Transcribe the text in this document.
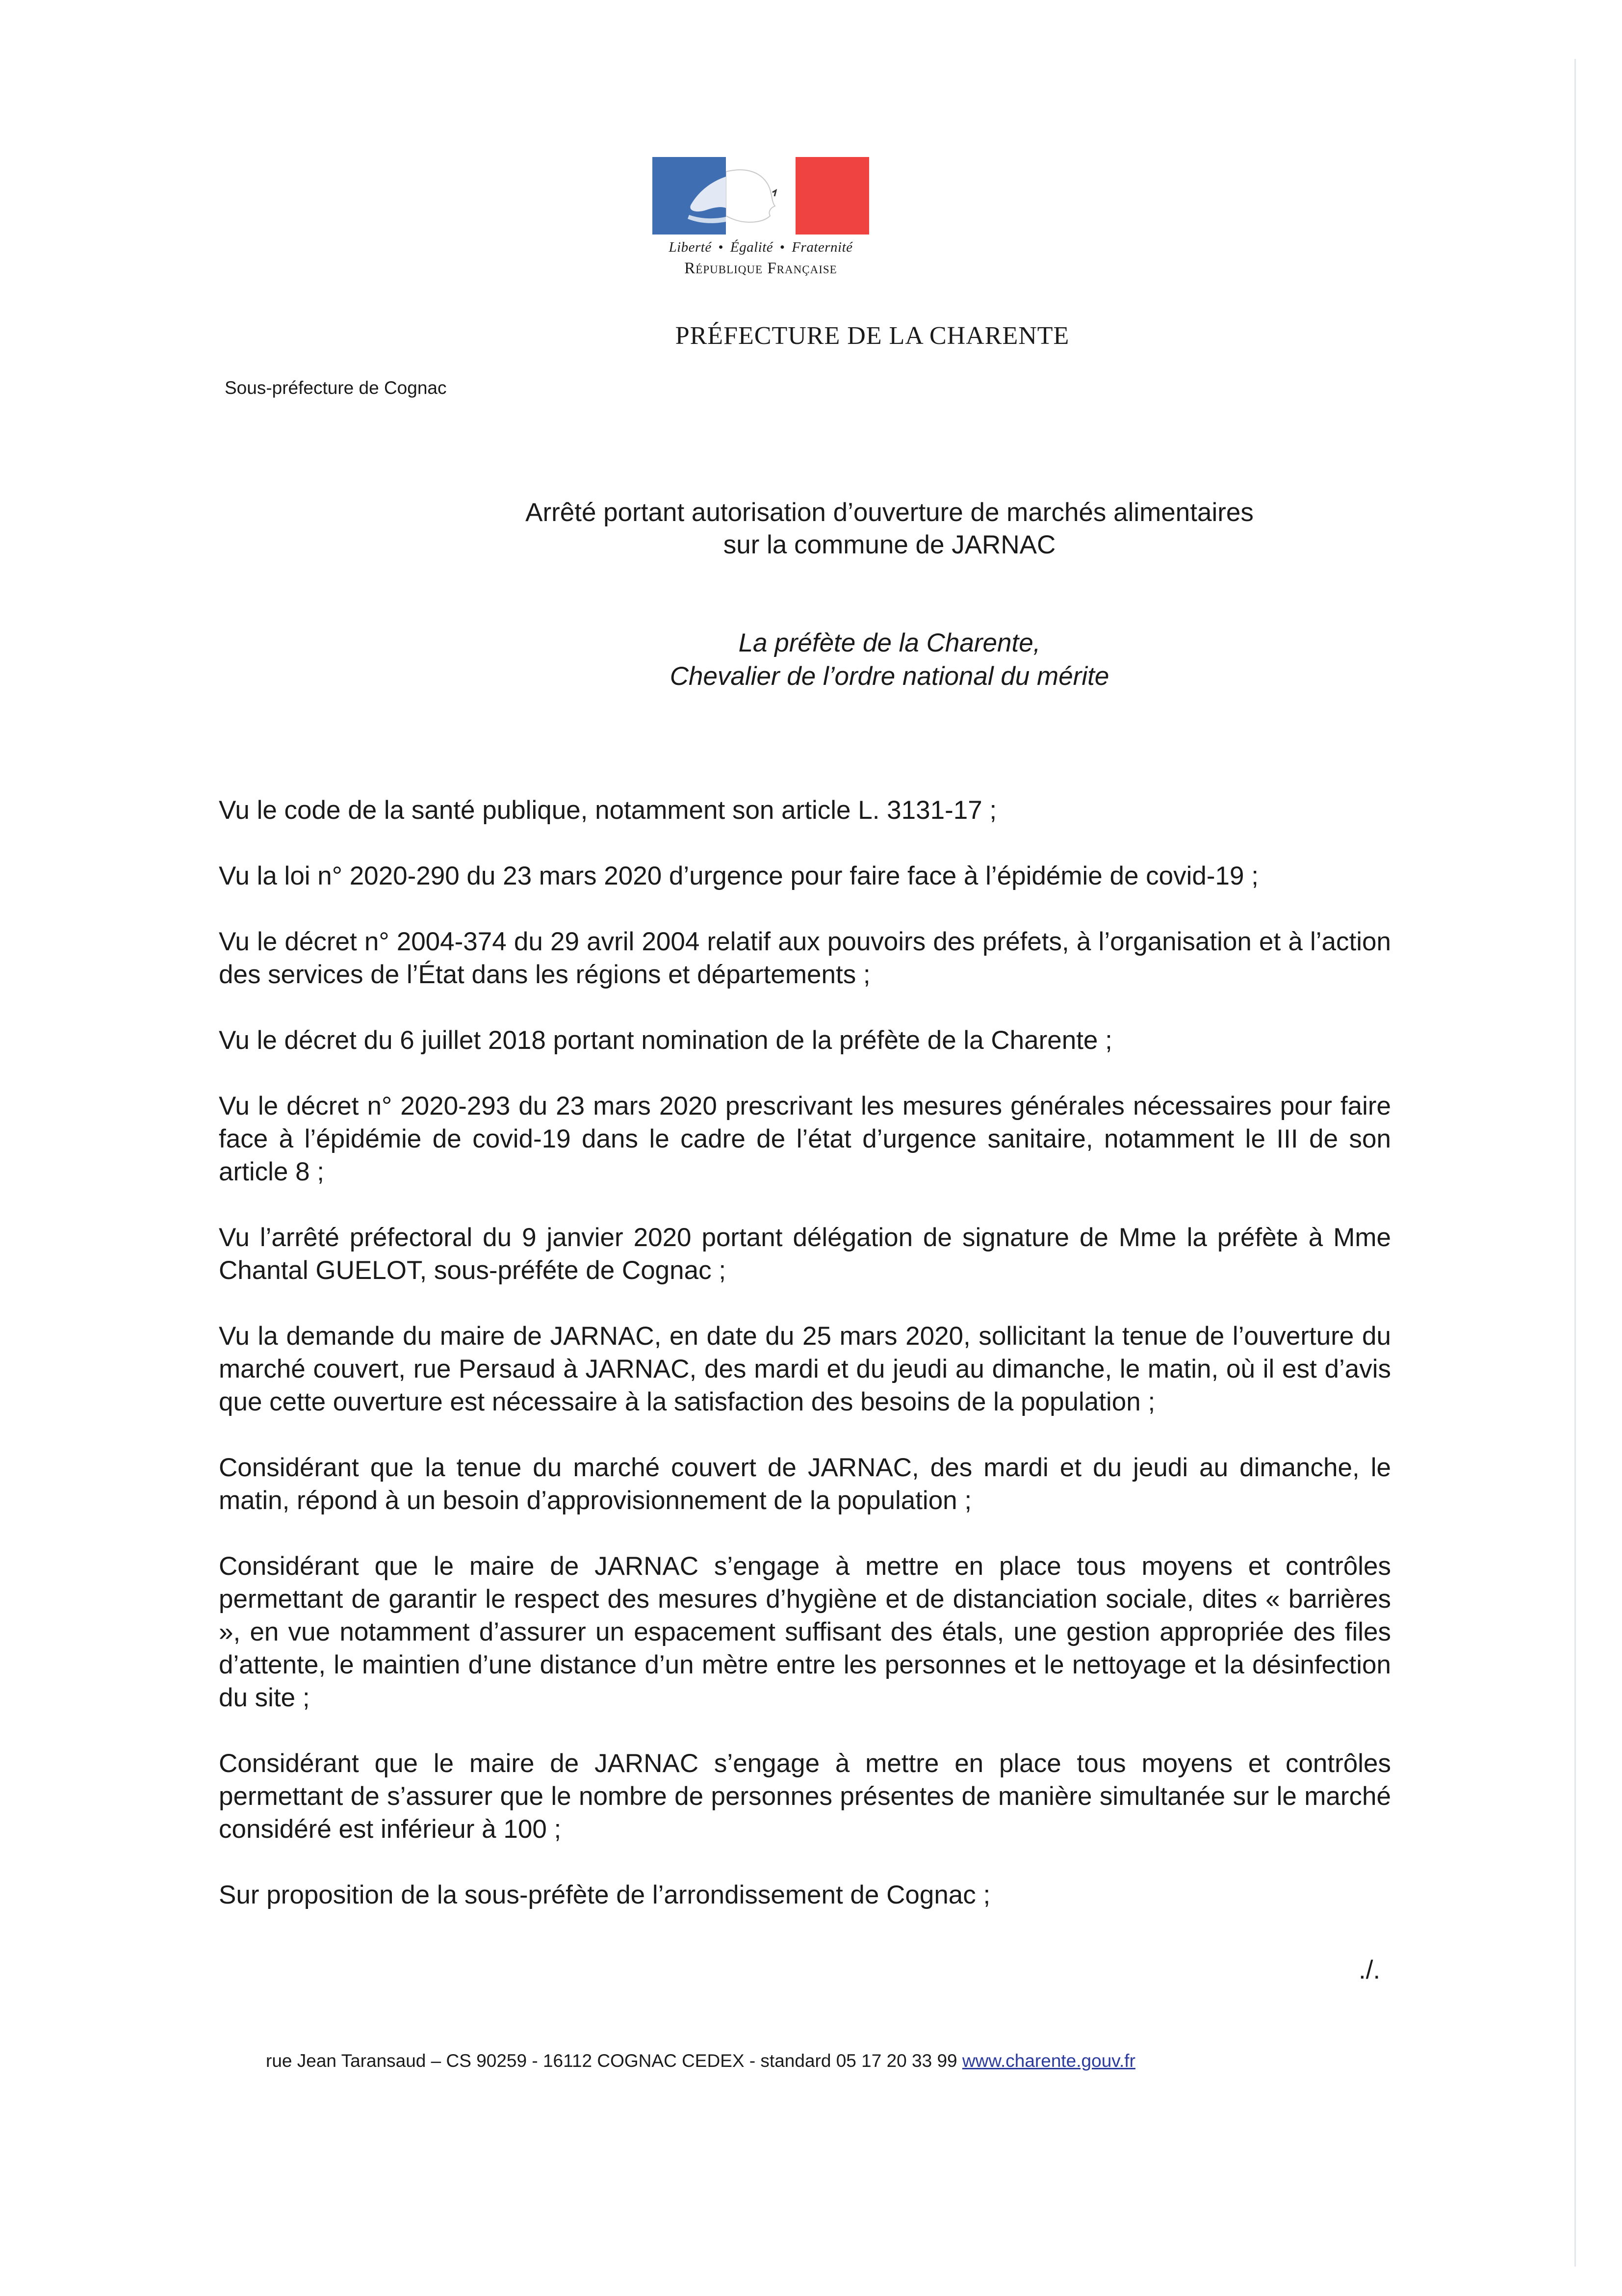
Liberté • Égalité • Fraternité
République Française
PRÉFECTURE DE LA CHARENTE
Sous-préfecture de Cognac
Arrêté portant autorisation d’ouverture de marchés alimentaires
sur la commune de JARNAC
La préfète de la Charente,
Chevalier de l’ordre national du mérite

Vu le code de la santé publique, notamment son article L. 3131-17 ;

Vu la loi n° 2020-290 du 23 mars 2020 d’urgence pour faire face à l’épidémie de covid-19 ;

Vu le décret n° 2004-374 du 29 avril 2004 relatif aux pouvoirs des préfets, à l’organisation et à l’action des services de l’État dans les régions et départements ;

Vu le décret du 6 juillet 2018 portant nomination de la préfète de la Charente ;

Vu le décret n° 2020-293 du 23 mars 2020 prescrivant les mesures générales nécessaires pour faire face à l’épidémie de covid-19 dans le cadre de l’état d’urgence sanitaire, notamment le III de son article 8 ;

Vu l’arrêté préfectoral du 9 janvier 2020 portant délégation de signature de Mme la préfète à Mme Chantal GUELOT, sous-préféte de Cognac ;

Vu la demande du maire de JARNAC, en date du 25 mars 2020, sollicitant la tenue de l’ouverture du marché couvert, rue Persaud à JARNAC, des mardi et du jeudi au dimanche, le matin, où il est d’avis que cette ouverture est nécessaire à la satisfaction des besoins de la population ;

Considérant que la tenue du marché couvert de JARNAC, des mardi et du jeudi au dimanche, le matin, répond à un besoin d’approvisionnement de la population ;

Considérant que le maire de JARNAC s’engage à mettre en place tous moyens et contrôles permettant de garantir le respect des mesures d’hygiène et de distanciation sociale, dites « barrières », en vue notamment d’assurer un espacement suffisant des étals, une gestion appropriée des files d’attente, le maintien d’une distance d’un mètre entre les personnes et le nettoyage et la désinfection du site ;

Considérant que le maire de JARNAC s’engage à mettre en place tous moyens et contrôles permettant de s’assurer que le nombre de personnes présentes de manière simultanée sur le marché considéré est inférieur à 100 ;

Sur proposition de la sous-préfète de l’arrondissement de Cognac ;

./.
rue Jean Taransaud – CS 90259 - 16112 COGNAC CEDEX - standard 05 17 20 33 99 www.charente.gouv.fr
